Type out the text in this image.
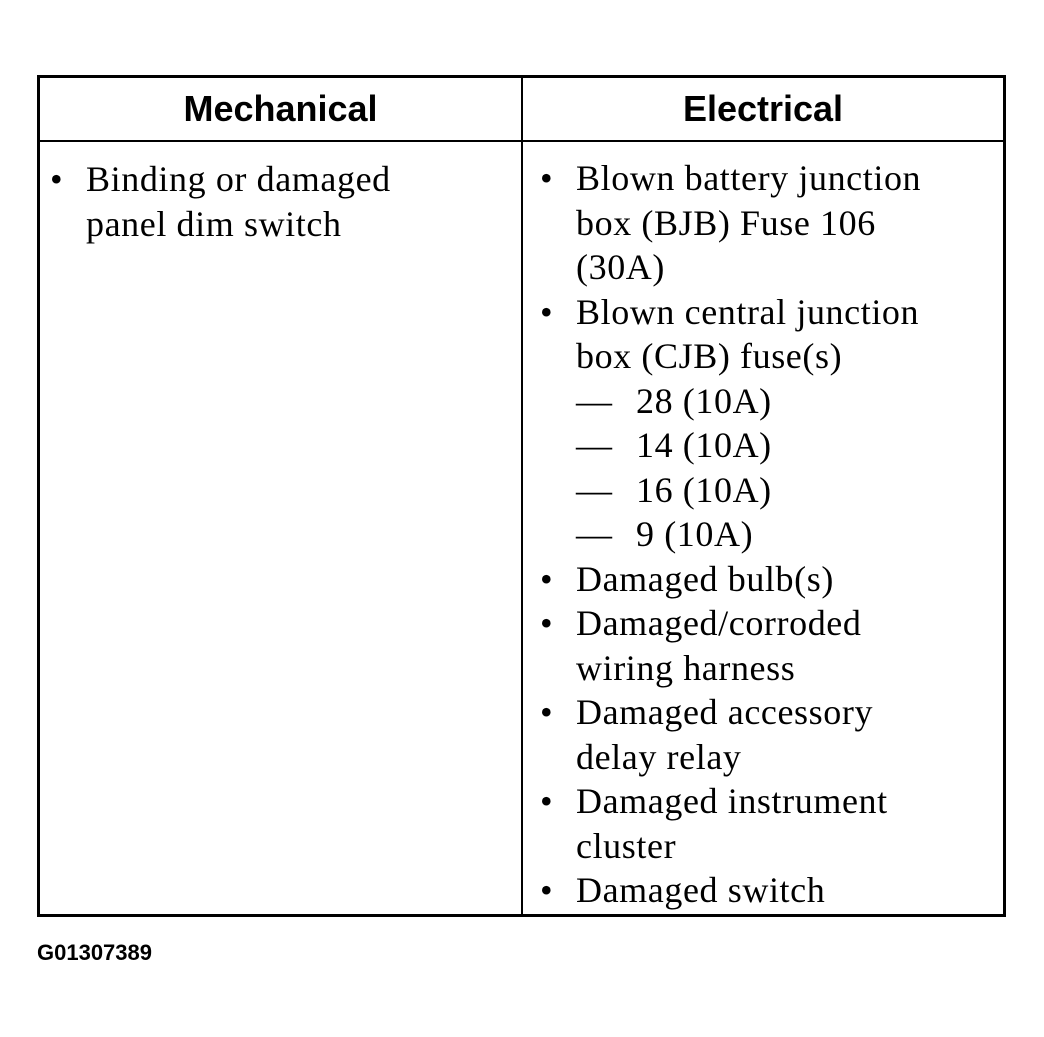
Mechanical	Electrical
• Binding or damaged
panel dim switch
• Blown battery junction
box (BJB) Fuse 106
(30A)
• Blown central junction
box (CJB) fuse(s)
— 28 (10A)
— 14 (10A)
— 16 (10A)
— 9 (10A)
• Damaged bulb(s)
• Damaged/corroded
wiring harness
• Damaged accessory
delay relay
• Damaged instrument
cluster
• Damaged switch
G01307389
